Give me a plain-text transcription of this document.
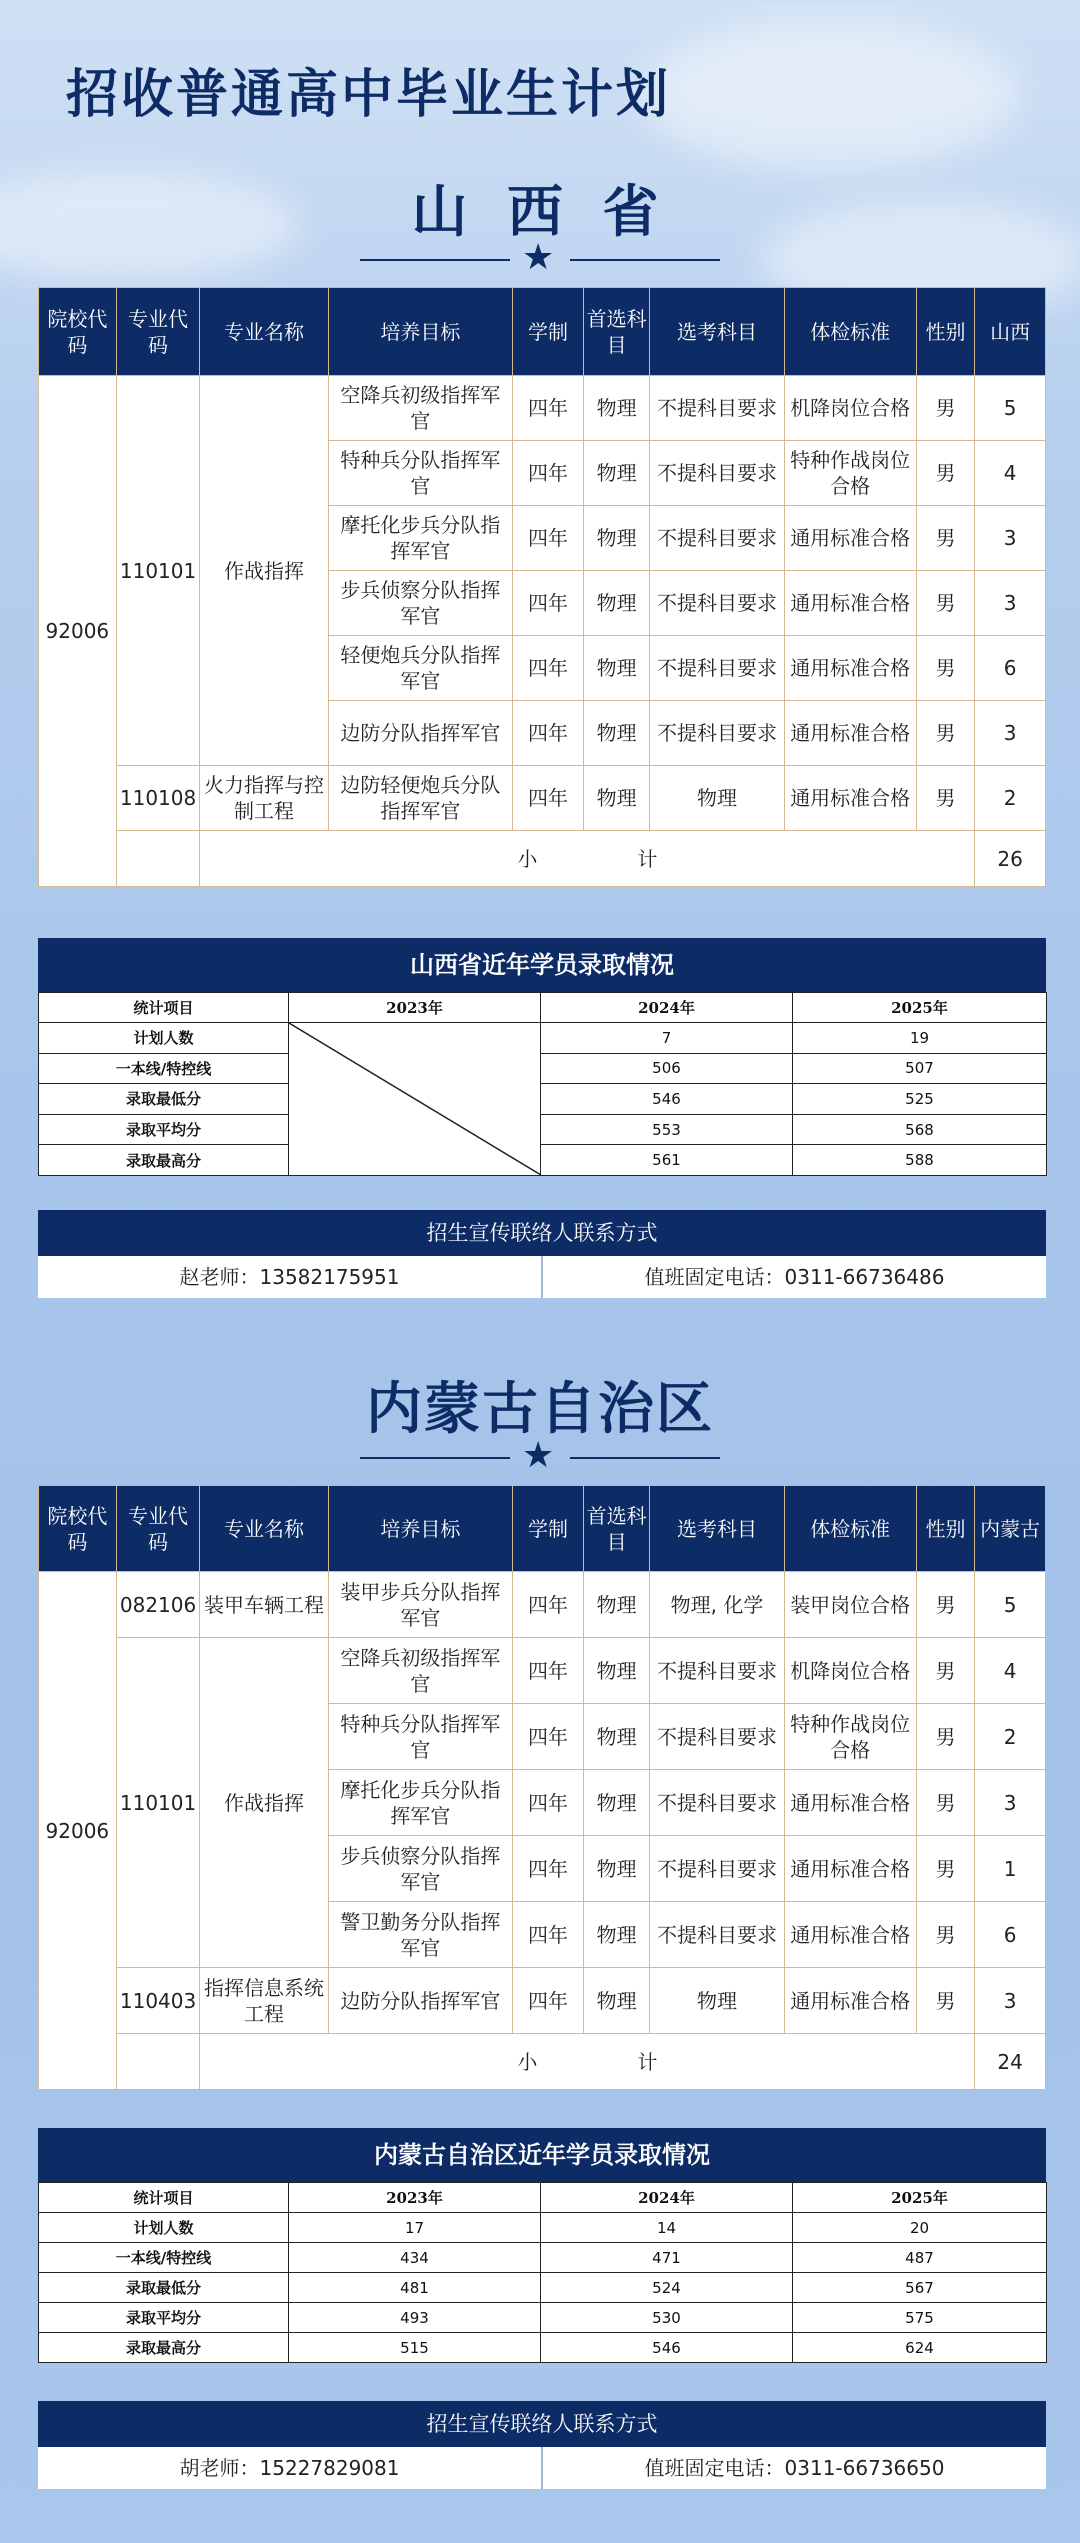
招收普通高中毕业生计划
山 西 省
★
院校代码	专业代码	专业名称	培养目标	学制	首选科目	选考科目	体检标准	性别	山西
92006	110101	作战指挥	空降兵初级指挥军官	四年	物理	不提科目要求	机降岗位合格	男	5
			特种兵分队指挥军官	四年	物理	不提科目要求	特种作战岗位合格	男	4
			摩托化步兵分队指挥军官	四年	物理	不提科目要求	通用标准合格	男	3
			步兵侦察分队指挥军官	四年	物理	不提科目要求	通用标准合格	男	3
			轻便炮兵分队指挥军官	四年	物理	不提科目要求	通用标准合格	男	6
			边防分队指挥军官	四年	物理	不提科目要求	通用标准合格	男	3
	110108	火力指挥与控制工程	边防轻便炮兵分队指挥军官	四年	物理	物理	通用标准合格	男	2
		小　　　　　计							26
山西省近年学员录取情况
统计项目	2023年	2024年	2025年
计划人数		7	19
一本线/特控线		506	507
录取最低分		546	525
录取平均分		553	568
录取最高分		561	588
招生宣传联络人联系方式
赵老师：13582175951	值班固定电话：0311-66736486
内蒙古自治区
★
院校代码	专业代码	专业名称	培养目标	学制	首选科目	选考科目	体检标准	性别	内蒙古
92006	082106	装甲车辆工程	装甲步兵分队指挥军官	四年	物理	物理, 化学	装甲岗位合格	男	5
	110101	作战指挥	空降兵初级指挥军官	四年	物理	不提科目要求	机降岗位合格	男	4
			特种兵分队指挥军官	四年	物理	不提科目要求	特种作战岗位合格	男	2
			摩托化步兵分队指挥军官	四年	物理	不提科目要求	通用标准合格	男	3
			步兵侦察分队指挥军官	四年	物理	不提科目要求	通用标准合格	男	1
			警卫勤务分队指挥军官	四年	物理	不提科目要求	通用标准合格	男	6
	110403	指挥信息系统工程	边防分队指挥军官	四年	物理	物理	通用标准合格	男	3
		小　　　　　计							24
内蒙古自治区近年学员录取情况
统计项目	2023年	2024年	2025年
计划人数	17	14	20
一本线/特控线	434	471	487
录取最低分	481	524	567
录取平均分	493	530	575
录取最高分	515	546	624
招生宣传联络人联系方式
胡老师：15227829081	值班固定电话：0311-66736650
